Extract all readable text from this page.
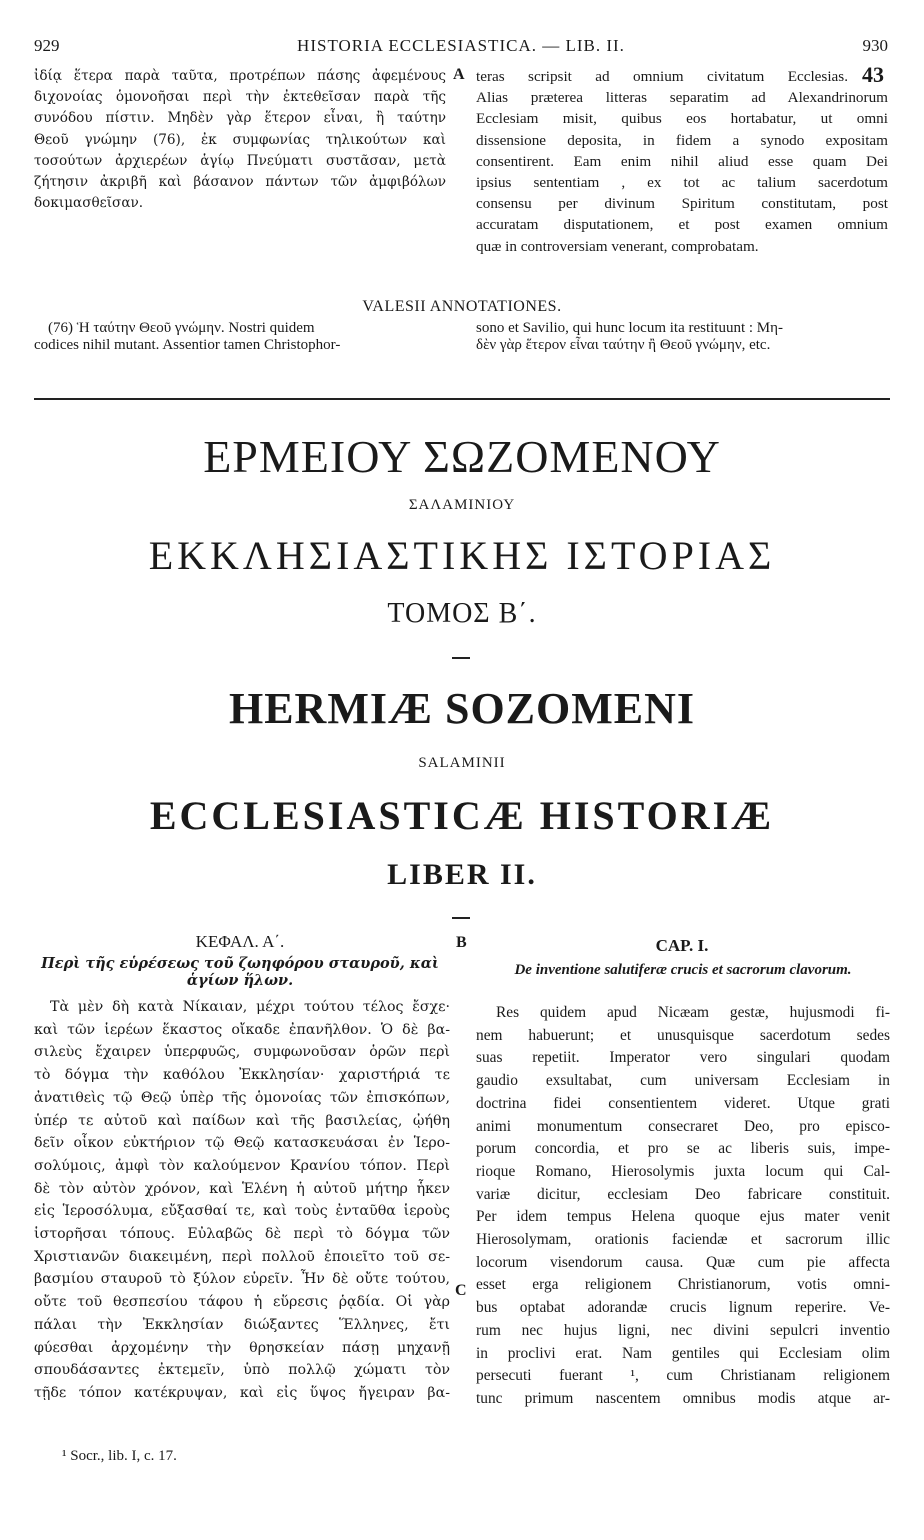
929	HISTORIA ECCLESIASTICA. — LIB. II.	930
ἰδίᾳ ἕτερα παρὰ ταῦτα, προτρέπων πάσης ἀφεμένους
διχονοίας ὁμονοῆσαι περὶ τὴν ἐκτεθεῖσαν παρὰ τῆς
συνόδου πίστιν. Μηδὲν γὰρ ἕτερον εἶναι, ἢ ταύτην
Θεοῦ γνώμην (76), ἐκ συμφωνίας τηλικούτων καὶ
τοσούτων ἀρχιερέων ἁγίῳ Πνεύματι συστᾶσαν, μετὰ
ζήτησιν ἀκριβῆ καὶ βάσανον πάντων τῶν ἀμφιβόλων
δοκιμασθεῖσαν.
A teras scripsit ad omnium civitatum Ecclesias.
Alias præterea litteras separatim ad Alexandrinorum
Ecclesiam misit, quibus eos hortabatur, ut omni
dissensione deposita, in fidem a synodo expositam
consentirent. Eam enim nihil aliud esse quam Dei
ipsius sententiam , ex tot ac talium sacerdotum
consensu per divinum Spiritum constitutam, post
accuratam disputationem, et post examen omnium
quæ in controversiam venerant, comprobatam.
43
VALESII ANNOTATIONES.
(76) Ἡ ταύτην Θεοῦ γνώμην. Nostri quidem
codices nihil mutant. Assentior tamen Christophor-
sono et Savilio, qui hunc locum ita restituunt : Μη-
δὲν γὰρ ἕτερον εἶναι ταύτην ἢ Θεοῦ γνώμην, etc.
ΕΡΜΕΙΟΥ ΣΩΖΟΜΕΝΟΥ
ΣΑΛΑΜΙΝΙΟΥ
ΕΚΚΛΗΣΙΑΣΤΙΚΗΣ ΙΣΤΟΡΙΑΣ
ΤΟΜΟΣ Β΄.
HERMIÆ SOZOMENI
SALAMINII
ECCLESIASTICÆ HISTORIÆ
LIBER II.
ΚΕΦΑΛ. Α΄.
Περὶ τῆς εὑρέσεως τοῦ ζωηφόρου σταυροῦ, καὶ
ἁγίων ἥλων.
B	CAP. I.
De inventione salutiferæ crucis et sacrorum clavorum.
Τὰ μὲν δὴ κατὰ Νίκαιαν, μέχρι τούτου τέλος ἔσχε·
καὶ τῶν ἱερέων ἕκαστος οἴκαδε ἐπανῆλθον. Ὁ δὲ βα-
σιλεὺς ἔχαιρεν ὑπερφυῶς, συμφωνοῦσαν ὁρῶν περὶ
τὸ δόγμα τὴν καθόλου Ἐκκλησίαν· χαριστήριά τε
ἀνατιθεὶς τῷ Θεῷ ὑπὲρ τῆς ὁμονοίας τῶν ἐπισκόπων,
ὑπέρ τε αὐτοῦ καὶ παίδων καὶ τῆς βασιλείας, ᾠήθη
δεῖν οἶκον εὐκτήριον τῷ Θεῷ κατασκευάσαι ἐν Ἱερο-
σολύμοις, ἀμφὶ τὸν καλούμενον Κρανίου τόπον. Περὶ
δὲ τὸν αὐτὸν χρόνον, καὶ Ἑλένη ἡ αὐτοῦ μήτηρ ἧκεν
εἰς Ἱεροσόλυμα, εὔξασθαί τε, καὶ τοὺς ἐνταῦθα ἱεροὺς
ἱστορῆσαι τόπους. Εὐλαβῶς δὲ περὶ τὸ δόγμα τῶν
Χριστιανῶν διακειμένη, περὶ πολλοῦ ἐποιεῖτο τοῦ σε-
βασμίου σταυροῦ τὸ ξύλον εὑρεῖν. Ἦν δὲ οὔτε τούτου,
οὔτε τοῦ θεσπεσίου τάφου ἡ εὕρεσις ῥᾳδία. Οἱ γὰρ
πάλαι τὴν Ἐκκλησίαν διώξαντες Ἕλληνες, ἔτι
φύεσθαι ἀρχομένην τὴν θρησκείαν πάσῃ μηχανῇ
σπουδάσαντες ἐκτεμεῖν, ὑπὸ πολλῷ χώματι τὸν
τῇδε τόπον κατέκρυψαν, καὶ εἰς ὕψος ἤγειραν βα-
C
Res quidem apud Nicæam gestæ, hujusmodi fi-
nem habuerunt; et unusquisque sacerdotum sedes
suas repetiit. Imperator vero singulari quodam
gaudio exsultabat, cum universam Ecclesiam in
doctrina fidei consentientem videret. Utque grati
animi monumentum consecraret Deo, pro episco-
porum concordia, et pro se ac liberis suis, impe-
rioque Romano, Hierosolymis juxta locum qui Cal-
variæ dicitur, ecclesiam Deo fabricare constituit.
Per idem tempus Helena quoque ejus mater venit
Hierosolymam, orationis faciendæ et sacrorum illic
locorum visendorum causa. Quæ cum pie affecta
esset erga religionem Christianorum, votis omni-
bus optabat adorandæ crucis lignum reperire. Ve-
rum nec hujus ligni, nec divini sepulcri inventio
in proclivi erat. Nam gentiles qui Ecclesiam olim
persecuti fuerant ¹, cum Christianam religionem
tunc primum nascentem omnibus modis atque ar-
¹ Socr., lib. I, c. 17.
